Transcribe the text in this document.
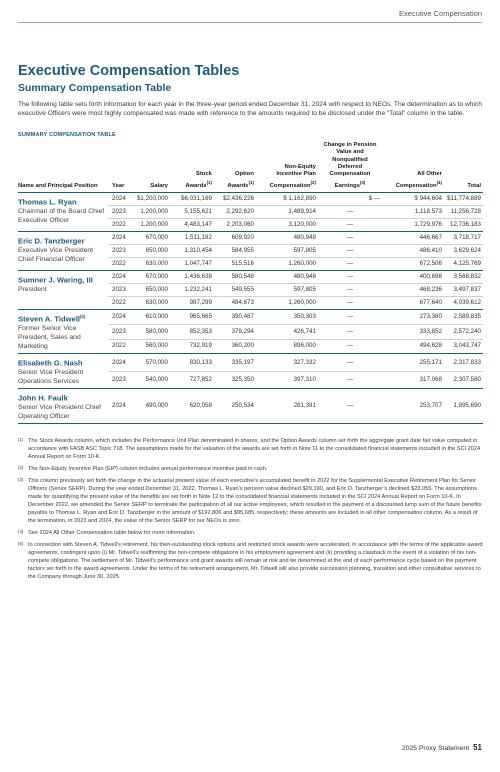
Executive Compensation
Executive Compensation Tables
Summary Compensation Table

The following table sets forth information for each year in the three-year period ended December 31, 2024 with respect to NEOs. The determination as to which executive Officers were most highly compensated was made with reference to the amounts required to be disclosed under the “Total” column in the table.

SUMMARY COMPENSATION TABLE
Name and Principal Position	Year	Salary	Stock Awards$^{(1)}$	Option Awards$^{(1)}$	Non-Equity Incentive Plan Compensation$^{(2)}$	Change in Pension Value and Nonqualified Deferred Compensation Earnings$^{(3)}$	All Other Compensation$^{(4)}$	Total

Thomas L. Ryan
Chairman of the Board Chief Executive Officer	2024	$1,200,000	$6,031,169	$2,436,226	$ 1,162,890	$ —	$ 944,604	$11,774,889
	2023	1,200,000	5,155,621	2,292,620	1,489,914	—	1,118,573	11,256,728
	2022	1,200,000	4,483,147	2,203,060	3,120,000	—	1,729,976	12,736,183

Eric D. Tanzberger
Executive Vice President Chief Financial Officer	2024	670,000	1,511,182	609,920	480,948	—	446,667	3,718,717
	2023	650,000	1,310,454	584,955	597,805	—	486,410	3,629,624
	2022	630,000	1,047,747	515,516	1,260,000	—	672,506	4,125,769

Sumner J. Waring, III
President	2024	670,000	1,436,638	580,548	480,948	—	400,698	3,568,832
	2023	650,000	1,232,241	549,555	597,805	—	468,236	3,497,837
	2022	630,000	987,299	484,673	1,260,000	—	677,640	4,039,612

Steven A. Tidwell$^{(5)}$
Former Senior Vice President, Sales and Marketing	2024	610,000	965,665	390,487	350,303	—	273,380	2,589,835
	2023	580,000	852,353	379,294	426,741	—	333,852	2,572,240
	2022	560,000	732,919	360,200	896,000	—	494,628	3,043,747

Elisabeth G. Nash
Senior Vice President Operations Services	2024	570,000	830,133	335,197	327,332	—	255,171	2,317,833
	2023	540,000	727,852	325,350	397,310	—	317,068	2,307,580

John H. Faulk
Senior Vice President Chief Operating Officer	2024	490,000	620,058	250,534	281,391	—	253,707	1,895,690
(1) The Stock Awards column, which includes the Performance Unit Plan denominated in shares, and the Option Awards column set forth the aggregate grant date fair value computed in accordance with FASB ASC Topic 718. The assumptions made for the valuation of the awards are set forth in Note 11 to the consolidated financial statements included in the SCI 2024 Annual Report on Form 10-K.
(2) The Non-Equity Incentive Plan (EIP) column includes annual performance incentive paid in cash.
(3) This column previously set forth the change in the actuarial present value of each executive’s accumulated benefit in 2022 for the Supplemental Executive Retirement Plan for Senior Officers (Senior SERP). During the year ended December 31, 2022, Thomas L. Ryan’s pension value declined $29,190, and Eric D. Tanzberger’s declined $23,055. The assumptions made for quantifying the present value of the benefits are set forth in Note 12 to the consolidated financial statements included in the SCI 2024 Annual Report on Form 10-K. In December 2022, we amended the Senior SERP to terminate the participation of all our active employees, which resulted in the payment of a discounted lump sum of the future benefits payable to Thomas L. Ryan and Eric D. Tanzberger in the amount of $192,806 and $95,685, respectively; these amounts are included in all other compensation column. As a result of the termination, in 2023 and 2024, the value of the Senior SERP for our NEOs is zero.
(4) See 2024 All Other Compensation table below for more information.
(5) In connection with Steven A. Tidwell’s retirement, his then-outstanding stock options and restricted stock awards were accelerated, in accordance with the terms of the applicable award agreements, contingent upon (i) Mr. Tidwell’s reaffirming the non-compete obligations in his employment agreement and (ii) providing a clawback in the event of a violation of his non-compete obligations. The settlement of Mr. Tidwell’s performance unit grant awards will remain at risk and be determined at the end of each performance cycle based on the payment factors set forth in the award agreements. Under the terms of his retirement arrangement, Mr. Tidwell will also provide succession planning, transition and other consultative services to the Company through June 30, 2025.
2025 Proxy Statement 51
